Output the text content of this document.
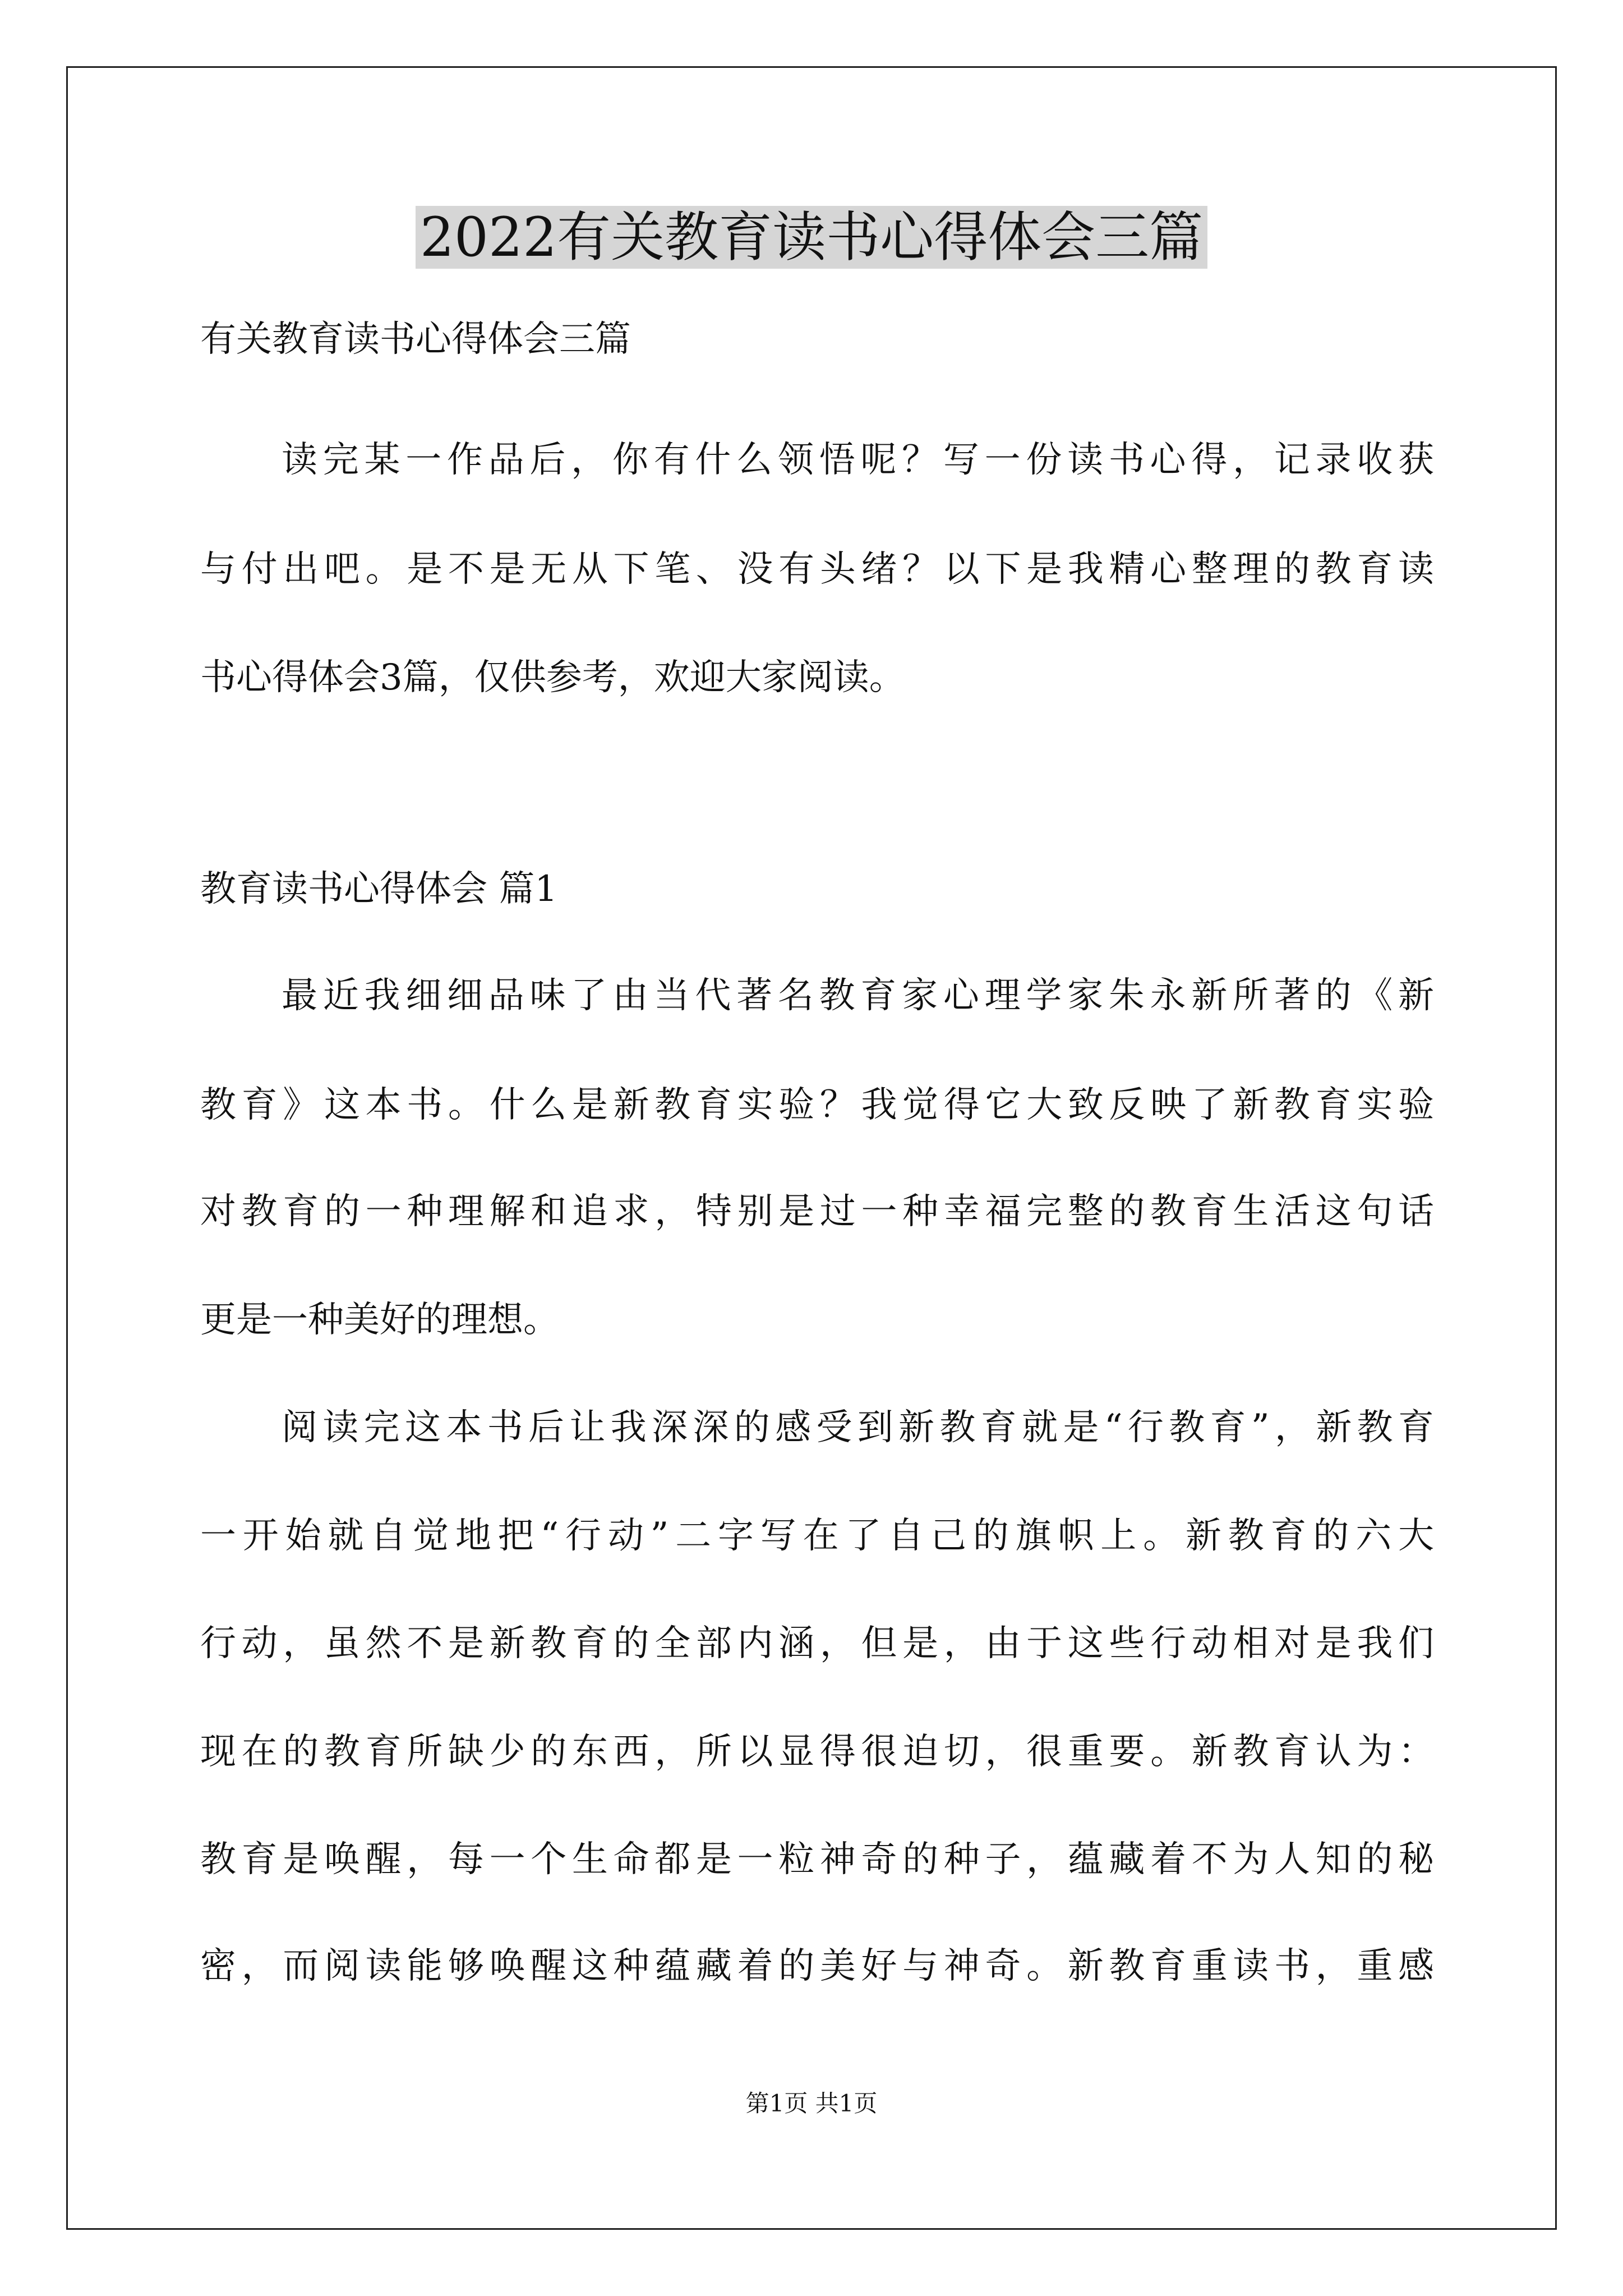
2022有关教育读书心得体会三篇

有关教育读书心得体会三篇

读完某一作品后，你有什么领悟呢？写一份读书心得，记录收获

与付出吧。是不是无从下笔、没有头绪？以下是我精心整理的教育读

书心得体会3篇，仅供参考，欢迎大家阅读。

教育读书心得体会 篇1

最近我细细品味了由当代著名教育家心理学家朱永新所著的《新

教育》这本书。什么是新教育实验？我觉得它大致反映了新教育实验

对教育的一种理解和追求，特别是过一种幸福完整的教育生活这句话

更是一种美好的理想。

阅读完这本书后让我深深的感受到新教育就是“行教育”，新教育

一开始就自觉地把“行动”二字写在了自己的旗帜上。新教育的六大

行动，虽然不是新教育的全部内涵，但是，由于这些行动相对是我们

现在的教育所缺少的东西，所以显得很迫切，很重要。新教育认为：

教育是唤醒，每一个生命都是一粒神奇的种子，蕴藏着不为人知的秘

密，而阅读能够唤醒这种蕴藏着的美好与神奇。新教育重读书，重感

第1页 共1页
